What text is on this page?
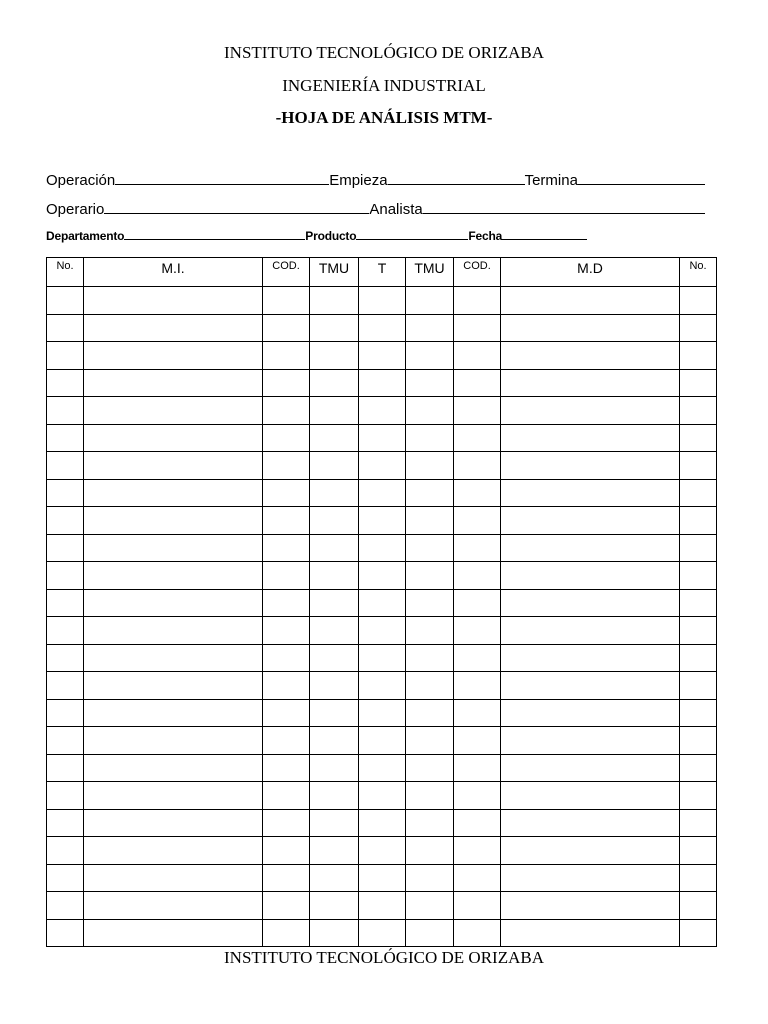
INSTITUTO TECNOLÓGICO DE ORIZABA
INGENIERÍA INDUSTRIAL
-HOJA DE ANÁLISIS MTM-
Operación	Empieza	Termina
Operario	Analista
Departamento	Producto	Fecha
No.	M.I.	COD.	TMU	T	TMU	COD.	M.D	No.

INSTITUTO TECNOLÓGICO DE ORIZABA
